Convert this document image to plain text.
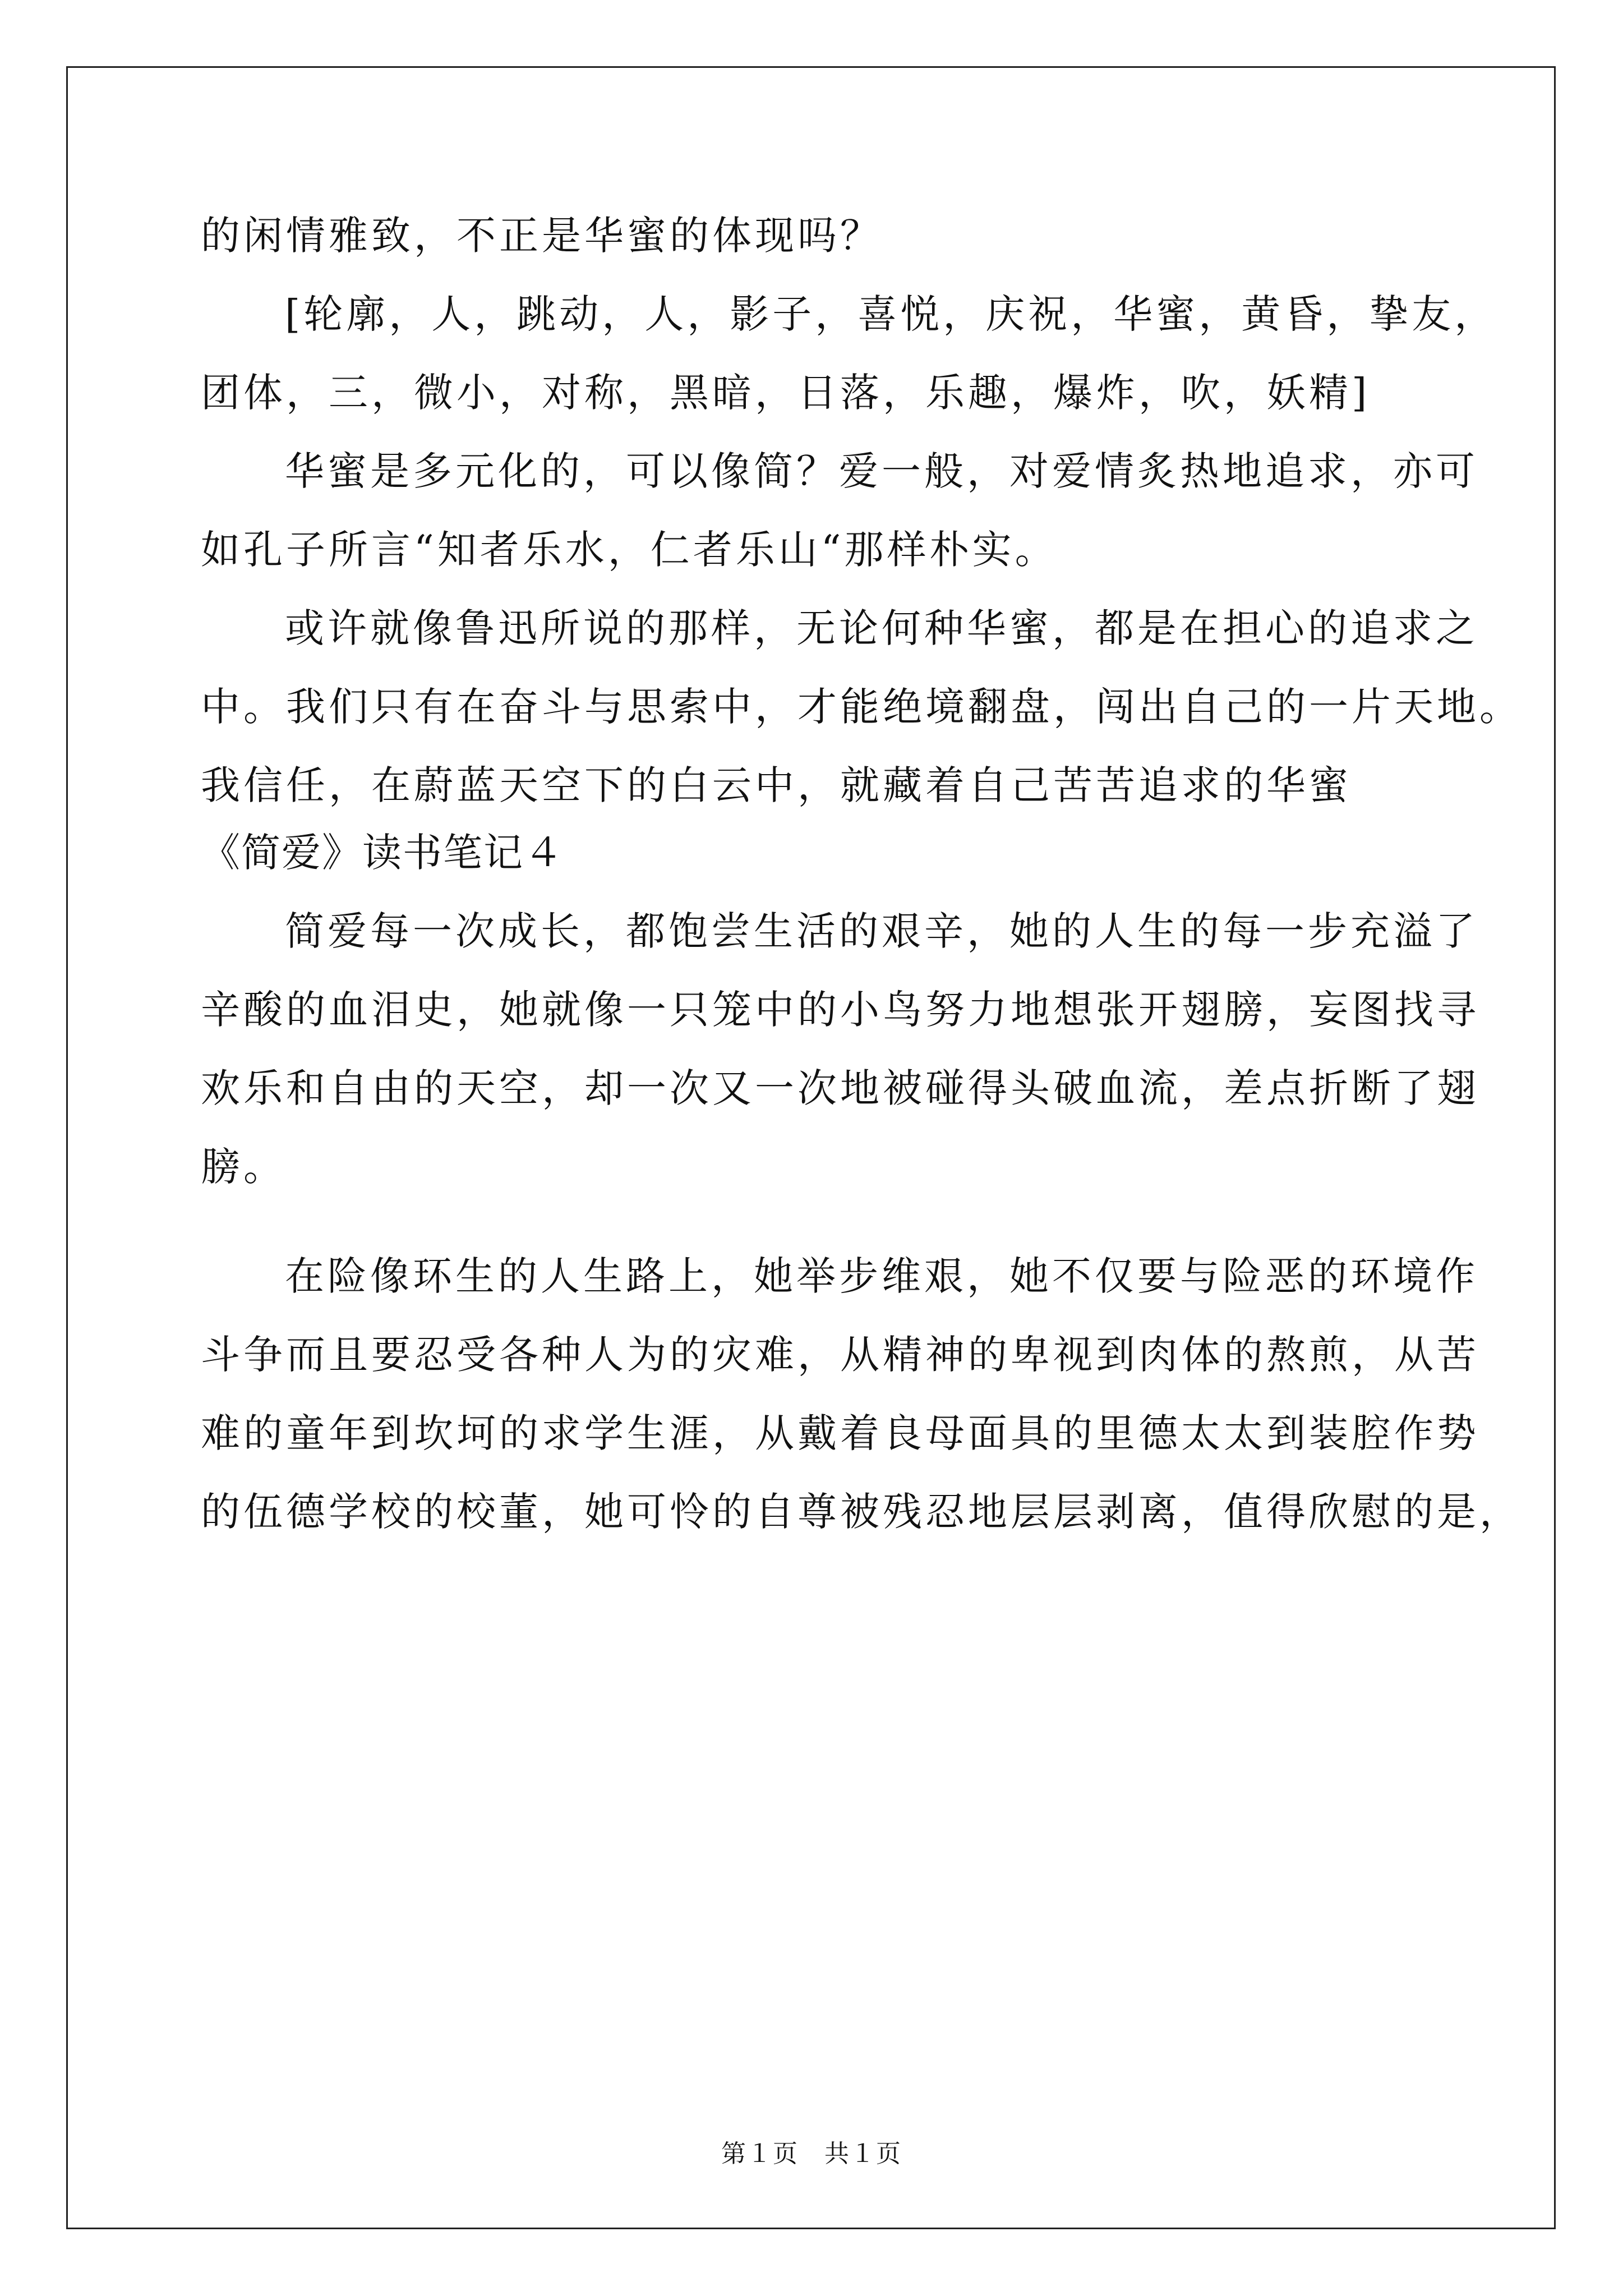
的闲情雅致，不正是华蜜的体现吗？
[轮廓，人，跳动，人，影子，喜悦，庆祝，华蜜，黄昏，挚友，
团体，三，微小，对称，黑暗，日落，乐趣，爆炸，吹，妖精]
华蜜是多元化的，可以像简？爱一般，对爱情炙热地追求，亦可
如孔子所言“知者乐水，仁者乐山“那样朴实。
或许就像鲁迅所说的那样，无论何种华蜜，都是在担心的追求之
中。我们只有在奋斗与思索中，才能绝境翻盘，闯出自己的一片天地。
我信任，在蔚蓝天空下的白云中，就藏着自己苦苦追求的华蜜
《简爱》读书笔记４
简爱每一次成长，都饱尝生活的艰辛，她的人生的每一步充溢了
辛酸的血泪史，她就像一只笼中的小鸟努力地想张开翅膀，妄图找寻
欢乐和自由的天空，却一次又一次地被碰得头破血流，差点折断了翅
膀。
在险像环生的人生路上，她举步维艰，她不仅要与险恶的环境作
斗争而且要忍受各种人为的灾难，从精神的卑视到肉体的熬煎，从苦
难的童年到坎坷的求学生涯，从戴着良母面具的里德太太到装腔作势
的伍德学校的校董，她可怜的自尊被残忍地层层剥离，值得欣慰的是，
第１页　共１页
